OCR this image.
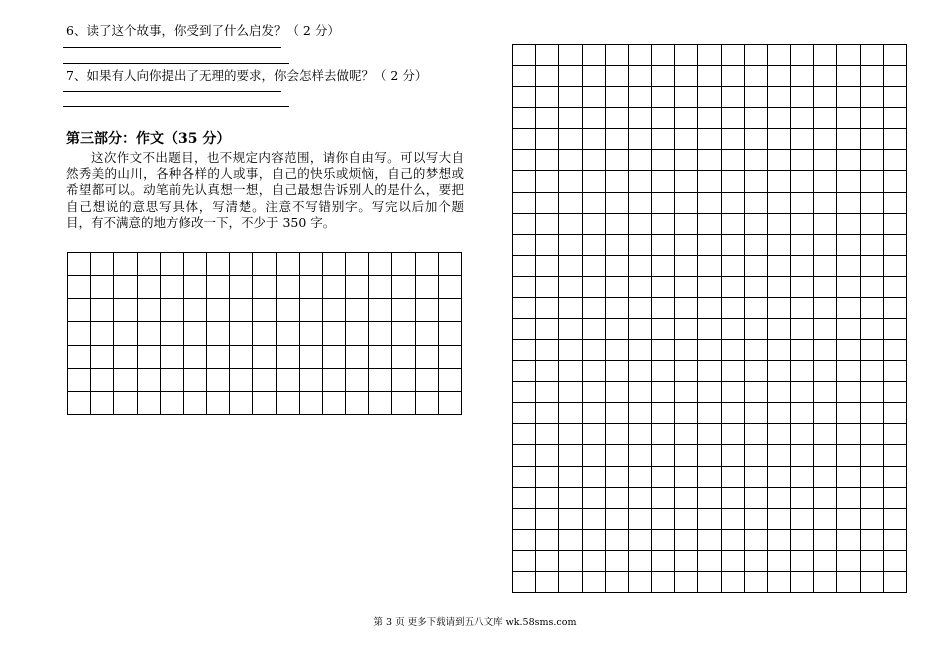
6、读了这个故事，你受到了什么启发？（ 2 分）
7、如果有人向你提出了无理的要求，你会怎样去做呢？（ 2 分）
第三部分：作文（35 分）
这次作文不出题目，也不规定内容范围，请你自由写。可以写大自然秀美的山川，各种各样的人或事，自己的快乐或烦恼，自己的梦想或希望都可以。动笔前先认真想一想，自己最想告诉别人的是什么，要把自己想说的意思写具体，写清楚。注意不写错别字。写完以后加个题目，有不满意的地方修改一下，不少于 350 字。
第 3 页 更多下载请到五八文库 wk.58sms.com
